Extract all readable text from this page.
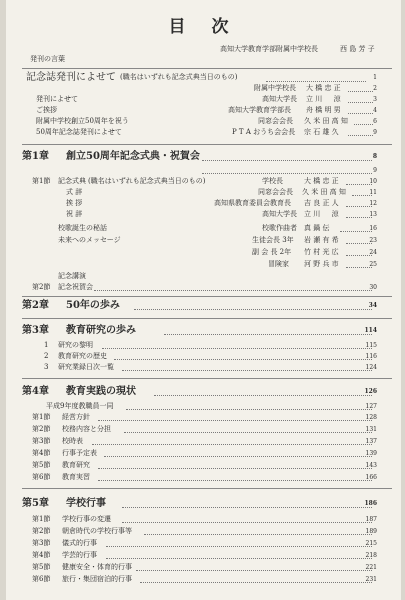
目 次
高知大学教育学部附属中学校長	西 島 芳 子
発刊の言葉
記念誌発刊によせて (職名はいずれも記念式典当日のもの)	1
附属中学校長 大 橋 忠 正	2
発刊によせて	高知大学長 立 川 　 涼	3
ご挨拶	高知大学教育学部長 舟 橋 明 男	4
附属中学校創立50周年を祝う	同窓会会長 久 米 田 高 知	6
50周年記念誌発刊によせて	P T A おうち会会長 宗 石 雄 久	9
第1章 創立50周年記念式典・祝賀会	8
9
第1節 記念式典 (職名はいずれも記念式典当日のもの)	学校長	大 橋 忠 正	10
式 辞	同窓会会長 久 米 田 高 知	11
挨 拶	高知県教育委員会教育長 吉 良 正 人	12
祝 辞	高知大学長 立 川 　 涼	13
校歌誕生の秘話	校歌作曲者 真 鍋 伝	16
未来へのメッセージ	生徒会長 3年 岩 瀬 有 希	23
副 会 長 2年 竹 村 光 広	24
冒険家 河 野 兵 市	25
記念講演
第2節 記念祝賀会	30
第2章 50年の歩み	34
第3章 教育研究の歩み	114
1 研究の黎明	115
2 教育研究の歴史	116
3 研究業録日次一覧	124
第4章 教育実践の現状	126
平成9年度教職員一同	127
第1節 経営方針	128
第2節 校務内容と分担	131
第3節 校時表	137
第4節 行事予定表	139
第5節 教育研究	143
第6節 教育実習	166
第5章 学校行事	186
第1節 学校行事の変遷	187
第2節 朝倉時代の学校行事等	189
第3節 儀式的行事	215
第4節 学芸的行事	218
第5節 健康安全・体育的行事	221
第6節 旅行・集団宿泊的行事	231
